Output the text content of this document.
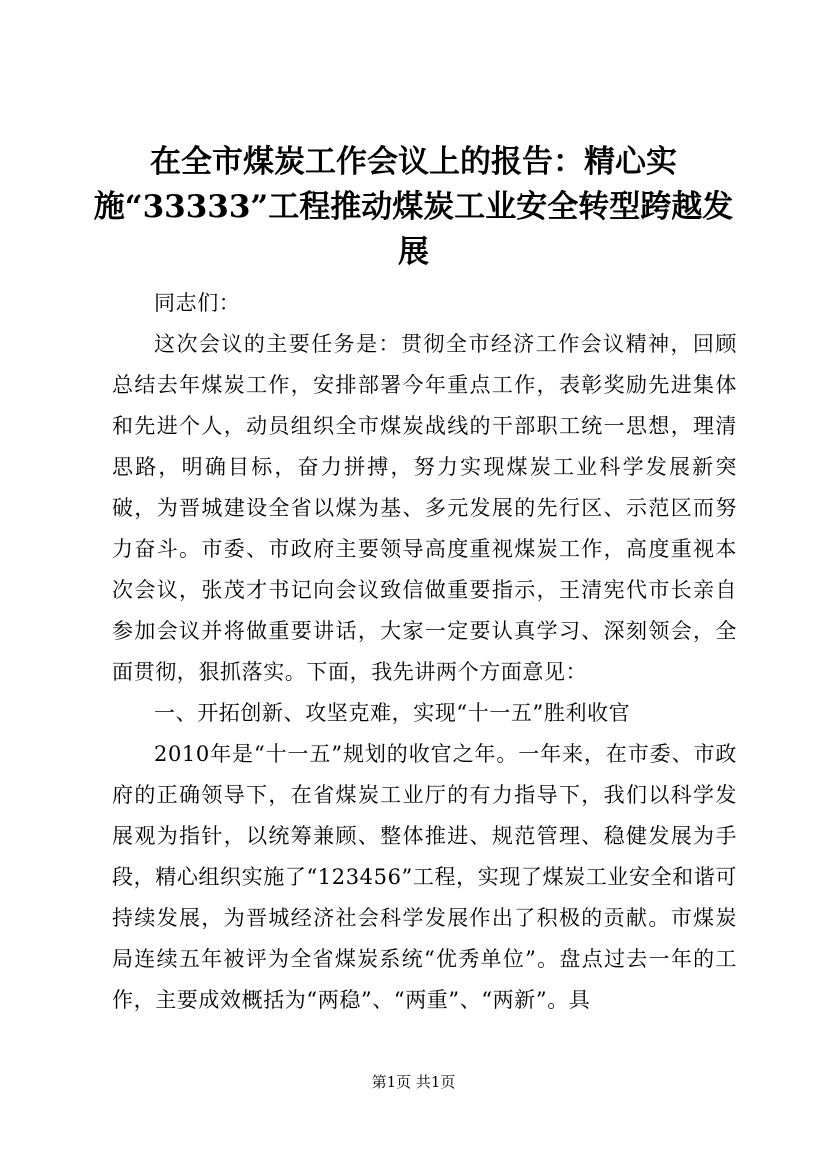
在全市煤炭工作会议上的报告：精心实施“33333”工程推动煤炭工业安全转型跨越发展

同志们：

这次会议的主要任务是：贯彻全市经济工作会议精神，回顾总结去年煤炭工作，安排部署今年重点工作，表彰奖励先进集体和先进个人，动员组织全市煤炭战线的干部职工统一思想，理清思路，明确目标，奋力拼搏，努力实现煤炭工业科学发展新突破，为晋城建设全省以煤为基、多元发展的先行区、示范区而努力奋斗。市委、市政府主要领导高度重视煤炭工作，高度重视本次会议，张茂才书记向会议致信做重要指示，王清宪代市长亲自参加会议并将做重要讲话，大家一定要认真学习、深刻领会，全面贯彻，狠抓落实。下面，我先讲两个方面意见：

一、开拓创新、攻坚克难，实现“十一五”胜利收官

2010年是“十一五”规划的收官之年。一年来，在市委、市政府的正确领导下，在省煤炭工业厅的有力指导下，我们以科学发展观为指针，以统筹兼顾、整体推进、规范管理、稳健发展为手段，精心组织实施了“123456”工程，实现了煤炭工业安全和谐可持续发展，为晋城经济社会科学发展作出了积极的贡献。市煤炭局连续五年被评为全省煤炭系统“优秀单位”。盘点过去一年的工作，主要成效概括为“两稳”、“两重”、“两新”。具

第1页 共1页
